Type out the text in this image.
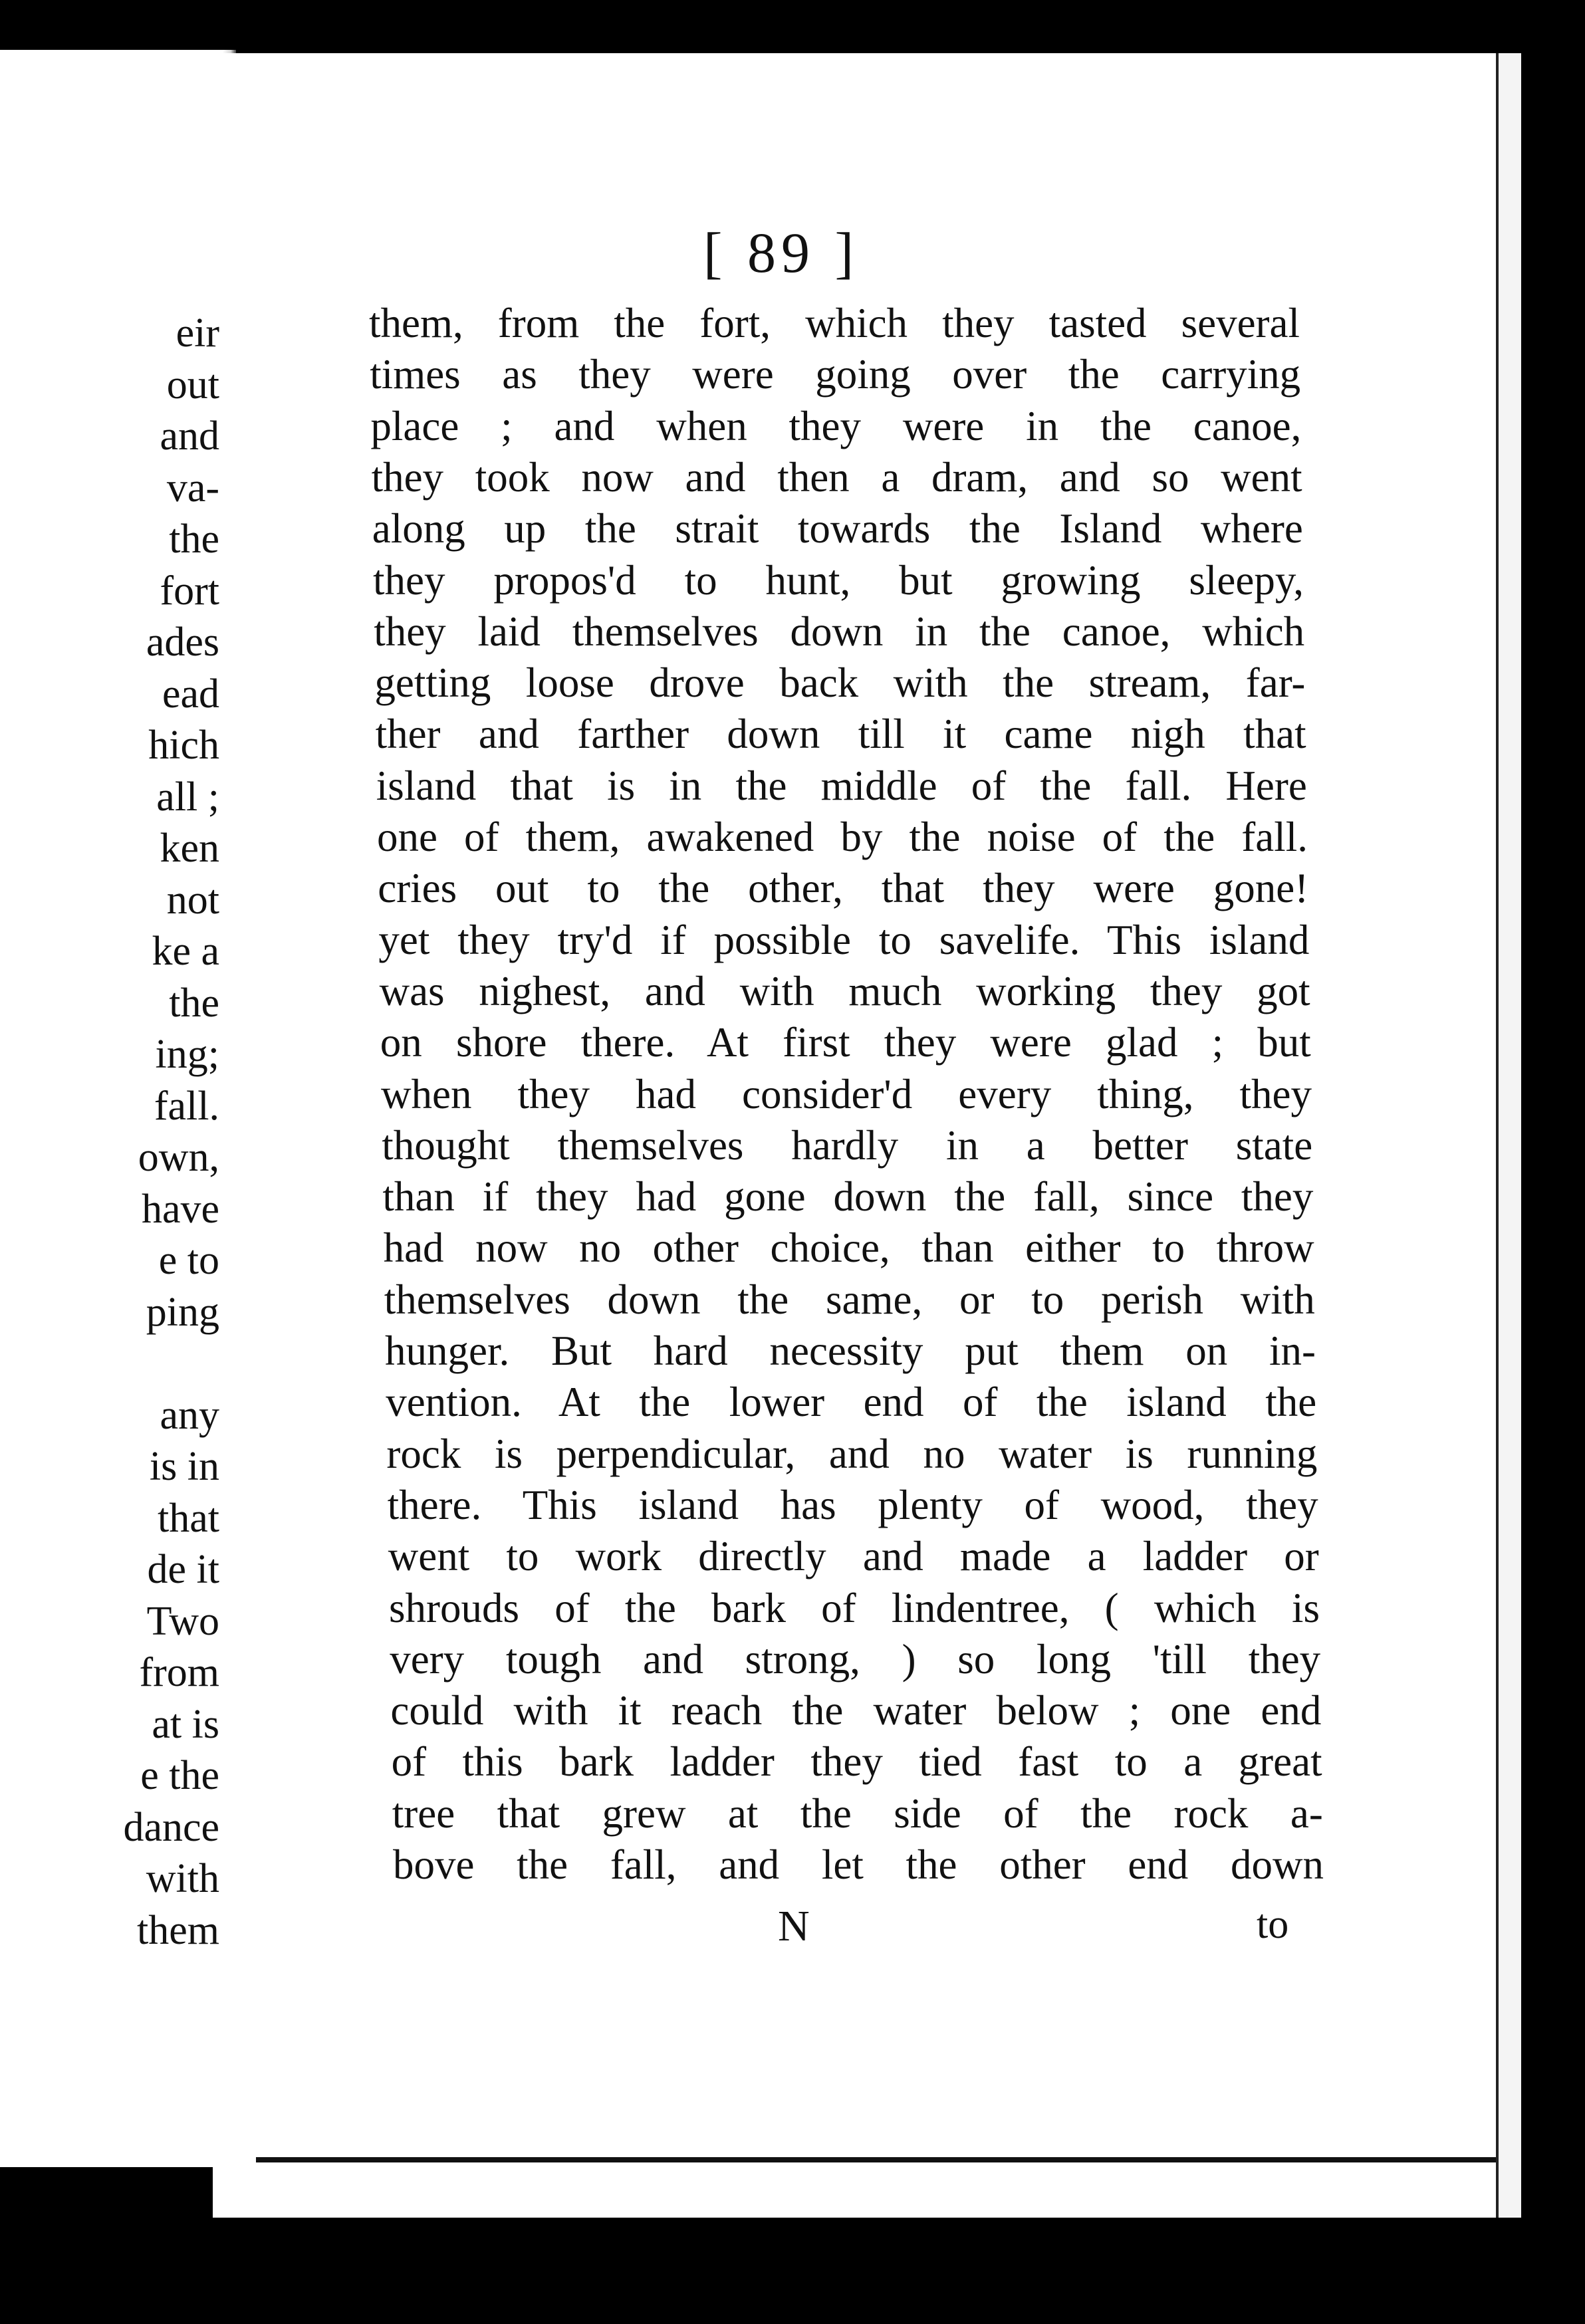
eir
out
and
va-
the
fort
ades
ead
hich
all ;
ken
not
ke a
the
ing;
fall.
own,
have
e to
ping
any
is in
that
de it
Two
from
at is
e the
dance
with
them
[ 89 ]
them, from the fort, which they tasted several
times as they were going over the carrying
place ; and when they were in the canoe,
they took now and then a dram, and so went
along up the strait towards the Island where
they propos'd to hunt, but growing sleepy,
they laid themselves down in the canoe, which
getting loose drove back with the stream, far-
ther and farther down till it came nigh that
island that is in the middle of the fall. Here
one of them, awakened by the noise of the fall.
cries out to the other, that they were gone!
yet they try'd if possible to savelife. This island
was nighest, and with much working they got
on shore there. At first they were glad ; but
when they had consider'd every thing, they
thought themselves hardly in a better state
than if they had gone down the fall, since they
had now no other choice, than either to throw
themselves down the same, or to perish with
hunger. But hard necessity put them on in-
vention. At the lower end of the island the
rock is perpendicular, and no water is running
there. This island has plenty of wood, they
went to work directly and made a ladder or
shrouds of the bark of lindentree, ( which is
very tough and strong, ) so long 'till they
could with it reach the water below ; one end
of this bark ladder they tied fast to a great
tree that grew at the side of the rock a-
bove the fall, and let the other end down
N	to
